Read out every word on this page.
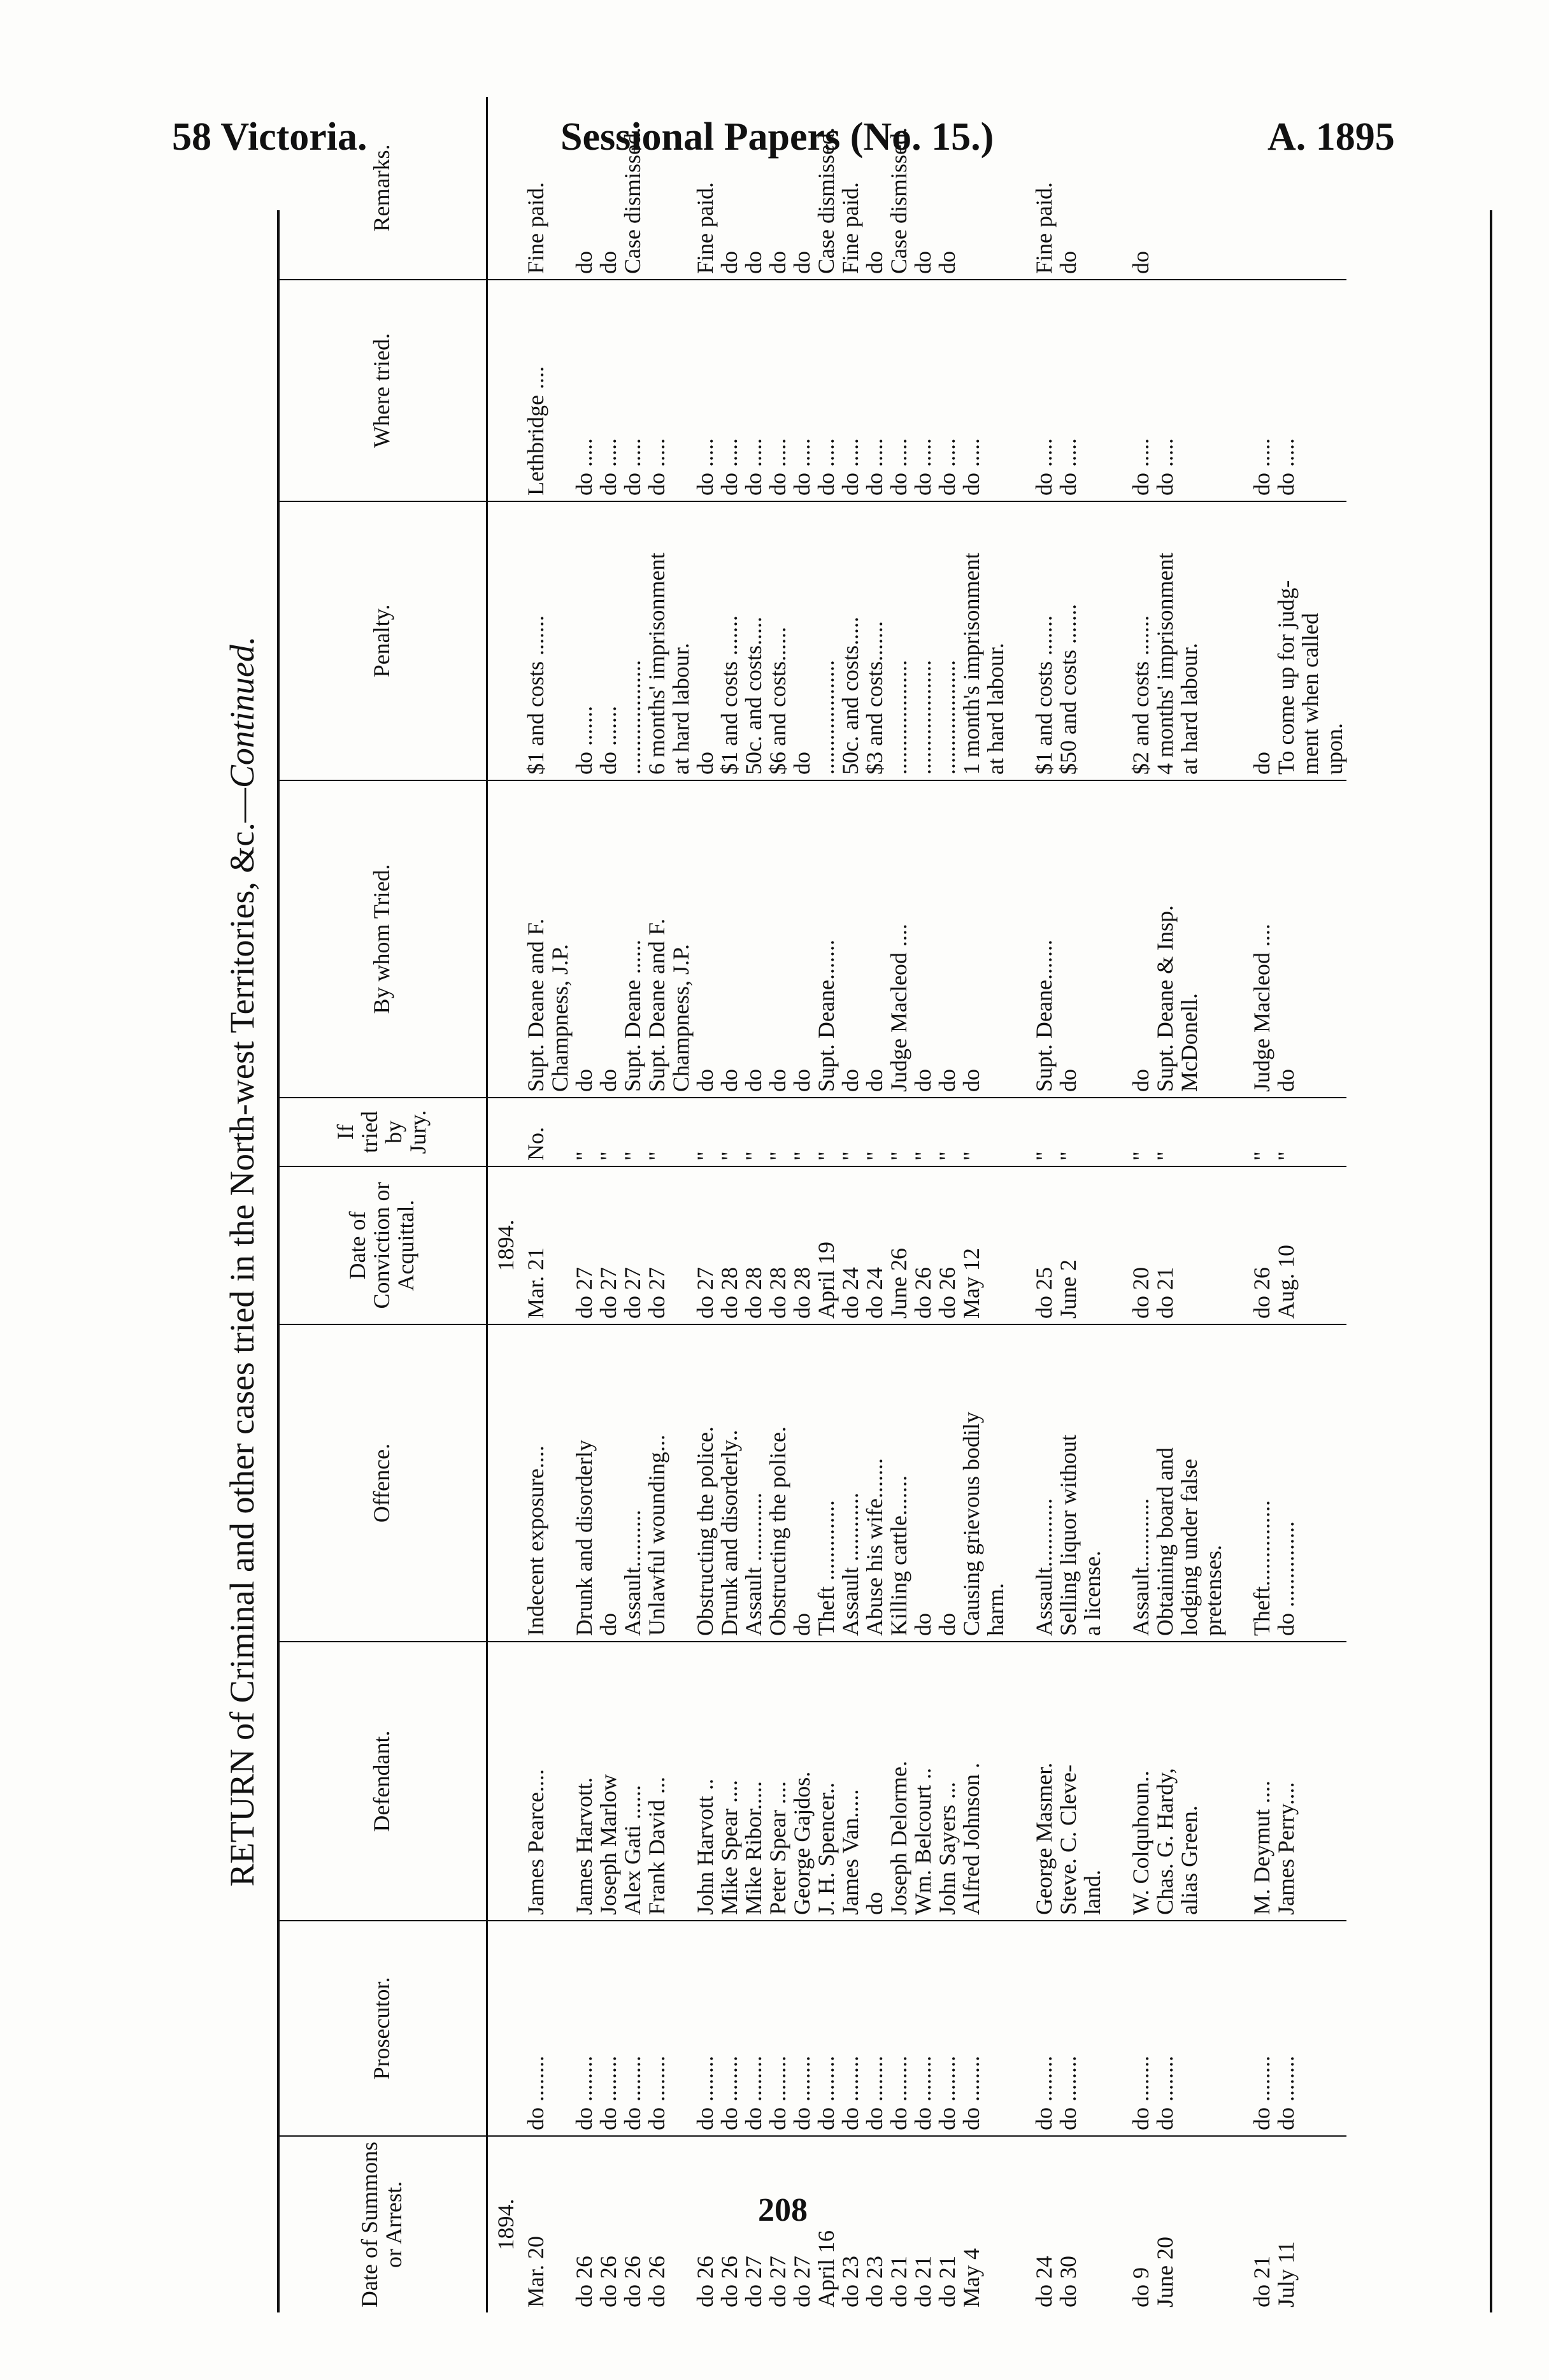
58 Victoria.	Sessional Papers (No. 15.)	A. 1895
RETURN of Criminal and other cases tried in the North-west Territories, &c.—Continued.
Date of Summons or Arrest.	Prosecutor.	Defendant.	Offence.	Date of Conviction or Acquittal.	If tried by Jury.	By whom Tried.	Penalty.	Where tried.	Remarks.
1894.				1894.					
Mar. 20	do ........	James Pearce....	Indecent exposure....	Mar. 21	No.	Supt. Deane and F.	$1 and costs .......	Lethbridge ....	Fine paid.
						Champness, J.P.			
do 26	do ........	James Harvott.	Drunk and disorderly	do 27	"	do	do .......	do .....	do
do 26	do ........	Joseph Marlow	do	do 27	"	do	do .......	do .....	do
do 26	do ........	Alex Gati ......	Assault..........	do 27	"	Supt. Deane ......	....................	do .....	Case dismissed.
do 26	do ........	Frank David ...	Unlawful wounding...	do 27	"	Supt. Deane and F.	6 months' imprisonment	do .....	
						Champness, J.P.	at hard labour.		
do 26	do ........	John Harvott ..	Obstructing the police.	do 27	"	do	do	do .....	Fine paid.
do 26	do ........	Mike Spear ....	Drunk and disorderly..	do 28	"	do	$1 and costs .......	do .....	do
do 27	do ........	Mike Ribor.....	Assault ............	do 28	"	do	50c. and costs.....	do .....	do
do 27	do ........	Peter Spear ....	Obstructing the police.	do 28	"	do	$6 and costs......	do .....	do
do 27	do ........	George Gajdos.	do	do 28	"	do	do	do .....	do
April 16	do ........	J. H. Spencer..	Theft ..............	April 19	"	Supt. Deane.......	....................	do .....	Case dismissed.
do 23	do ........	James Van.....	Assault ............	do 24	"	do	50c. and costs.....	do .....	Fine paid.
do 23	do ........	do	Abuse his wife.......	do 24	"	do	$3 and costs.......	do .....	do
do 21	do ........	Joseph Delorme.	Killing cattle.......	June 26	"	Judge Macleod ....	....................	do .....	Case dismissed.
do 21	do ........	Wm. Belcourt ..	do	do 26	"	do	....................	do .....	do
do 21	do ........	John Sayers ...	do	do 26	"	do	....................	do .....	do
May 4	do ........	Alfred Johnson .	Causing grievous bodily	May 12	"	do	1 month's imprisonment	do .....	
			harm.				at hard labour.		

do 24	do ........	George Masmer.	Assault............	do 25	"	Supt. Deane.......	$1 and costs .......	do .....	Fine paid.
do 30	do ........	Steve. C. Cleve-	Selling liquor without	June 2	"	do	$50 and costs .......	do .....	do
		land.	a license.						

do 9	do ........	W. Colquhoun..	Assault............	do 20	"	do	$2 and costs .......	do .....	do
June 20	do ........	Chas. G. Hardy,	Obtaining board and	do 21	"	Supt. Deane & Insp.	4 months' imprisonment	do .....	
		alias Green.	lodging under false			McDonell.	at hard labour.		
			pretenses.						

do 21	do ........	M. Deymut ....	Theft...............	do 26	"	Judge Macleod ....	do	do .....	
July 11	do ........	James Perry....	do ...............	Aug. 10	"	do	To come up for judg-	do .....	
							ment when called		
							upon.		
208
